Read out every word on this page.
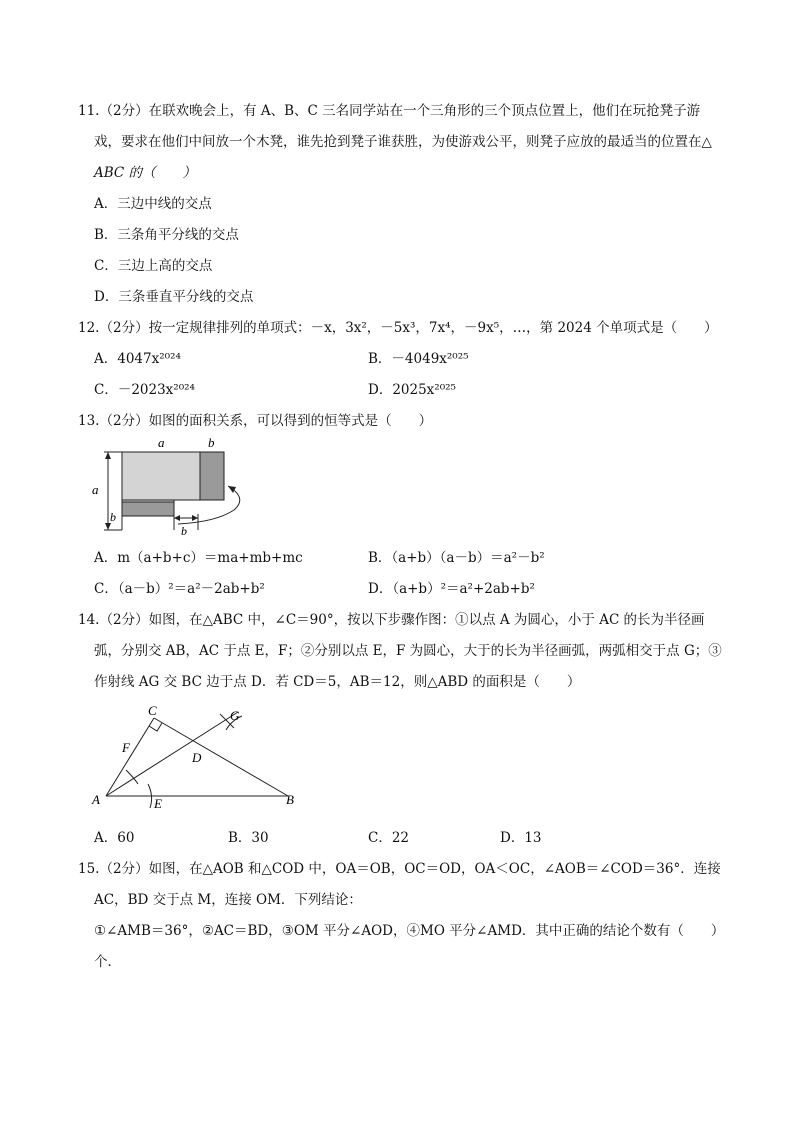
11.（2分）在联欢晚会上，有 A、B、C 三名同学站在一个三角形的三个顶点位置上，他们在玩抢凳子游
戏，要求在他们中间放一个木凳，谁先抢到凳子谁获胜，为使游戏公平，则凳子应放的最适当的位置在△
ABC 的（　　）
A．三边中线的交点
B．三条角平分线的交点
C．三边上高的交点
D．三条垂直平分线的交点
12.（2分）按一定规律排列的单项式：－x，3x²，－5x³，7x⁴，－9x⁵，…，第 2024 个单项式是（　　）
A．4047x²⁰²⁴	B．－4049x²⁰²⁵
C．－2023x²⁰²⁴	D．2025x²⁰²⁵
13.（2分）如图的面积关系，可以得到的恒等式是（　　）
a	b
a
b
b
A．m（a+b+c）＝ma+mb+mc	B．（a+b）（a－b）＝a²－b²
C．（a－b）²＝a²－2ab+b²	D．（a+b）²＝a²+2ab+b²
14.（2分）如图，在△ABC 中，∠C＝90°，按以下步骤作图：①以点 A 为圆心，小于 AC 的长为半径画
弧，分别交 AB，AC 于点 E，F；②分别以点 E，F 为圆心，大于的长为半径画弧，两弧相交于点 G；③
作射线 AG 交 BC 边于点 D．若 CD＝5，AB＝12，则△ABD 的面积是（　　）
C
F
D
G
A	E	B
A．60	B．30	C．22	D．13
15.（2分）如图，在△AOB 和△COD 中，OA＝OB，OC＝OD，OA＜OC，∠AOB＝∠COD＝36°．连接
AC，BD 交于点 M，连接 OM．下列结论：
①∠AMB＝36°，②AC＝BD，③OM 平分∠AOD，④MO 平分∠AMD．其中正确的结论个数有（　　）
个．
